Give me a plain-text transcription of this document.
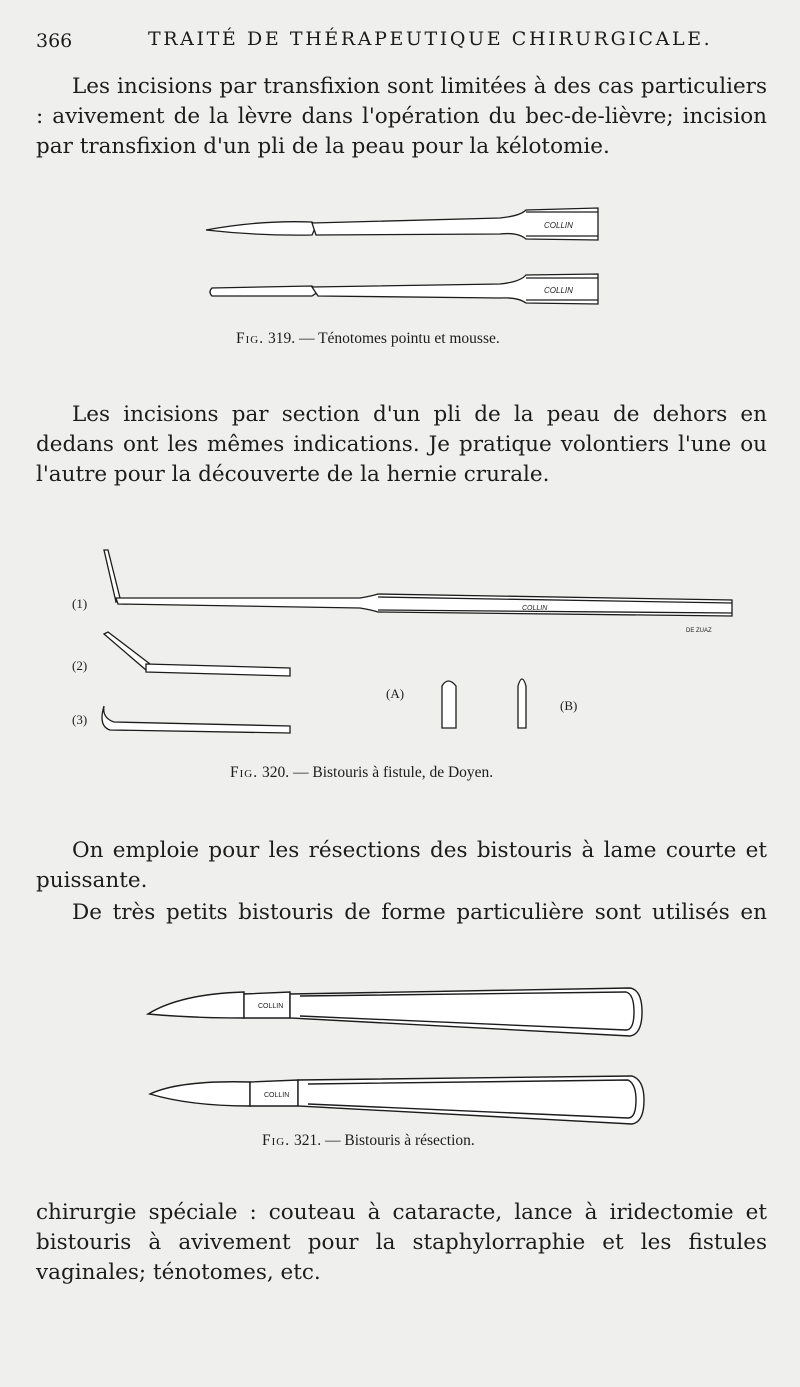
366	TRAITÉ DE THÉRAPEUTIQUE CHIRURGICALE.
Les incisions par transfixion sont limitées à des cas particuliers : avivement de la lèvre dans l'opération du bec-de-lièvre; incision par transfixion d'un pli de la peau pour la kélotomie.
COLLIN
COLLIN
Fig. 319. — Ténotomes pointu et mousse.
Les incisions par section d'un pli de la peau de dehors en dedans ont les mêmes indications. Je pratique volontiers l'une ou l'autre pour la découverte de la hernie crurale.
COLLIN
DE ZUAZ
(1)
(2)
(3)
(A)
(B)
Fig. 320. — Bistouris à fistule, de Doyen.
On emploie pour les résections des bistouris à lame courte et puissante.
De très petits bistouris de forme particulière sont utilisés en
COLLIN
COLLIN
Fig. 321. — Bistouris à résection.
chirurgie spéciale : couteau à cataracte, lance à iridectomie et bistouris à avivement pour la staphylorraphie et les fistules vaginales; ténotomes, etc.
